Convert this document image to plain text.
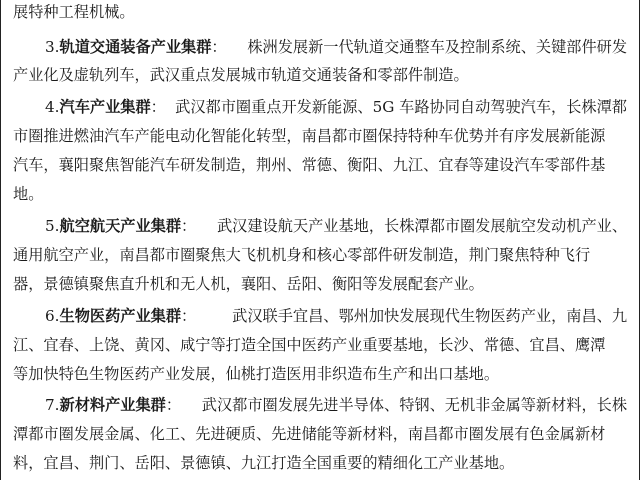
展特种工程机械。
3.轨道交通装备产业集群： 株洲发展新一代轨道交通整车及控制系统、关键部件研发
产业化及虚轨列车，武汉重点发展城市轨道交通装备和零部件制造。
4.汽车产业集群： 武汉都市圈重点开发新能源、5G 车路协同自动驾驶汽车，长株潭都
市圈推进燃油汽车产能电动化智能化转型，南昌都市圈保持特种车优势并有序发展新能源
汽车，襄阳聚焦智能汽车研发制造，荆州、常德、衡阳、九江、宜春等建设汽车零部件基
地。
5.航空航天产业集群： 武汉建设航天产业基地，长株潭都市圈发展航空发动机产业、
通用航空产业，南昌都市圈聚焦大飞机机身和核心零部件研发制造，荆门聚焦特种飞行
器，景德镇聚焦直升机和无人机，襄阳、岳阳、衡阳等发展配套产业。
6.生物医药产业集群： 武汉联手宜昌、鄂州加快发展现代生物医药产业，南昌、九
江、宜春、上饶、黄冈、咸宁等打造全国中医药产业重要基地，长沙、常德、宜昌、鹰潭
等加快特色生物医药产业发展，仙桃打造医用非织造布生产和出口基地。
7.新材料产业集群： 武汉都市圈发展先进半导体、特钢、无机非金属等新材料，长株
潭都市圈发展金属、化工、先进硬质、先进储能等新材料，南昌都市圈发展有色金属新材
料，宜昌、荆门、岳阳、景德镇、九江打造全国重要的精细化工产业基地。
